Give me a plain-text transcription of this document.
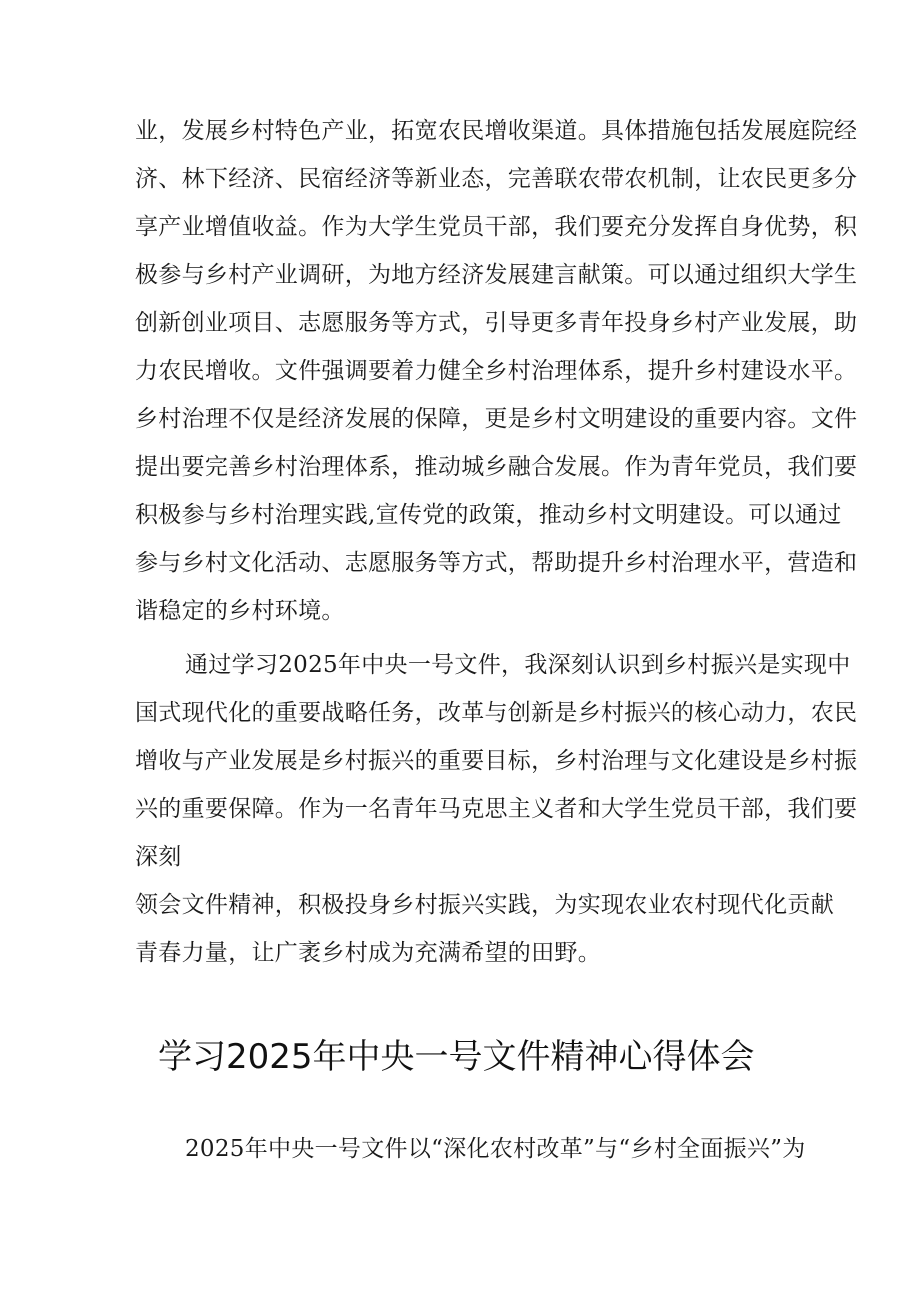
业，发展乡村特色产业，拓宽农民增收渠道。具体措施包括发展庭院经
济、林下经济、民宿经济等新业态，完善联农带农机制，让农民更多分
享产业增值收益。作为大学生党员干部，我们要充分发挥自身优势，积
极参与乡村产业调研，为地方经济发展建言献策。可以通过组织大学生
创新创业项目、志愿服务等方式，引导更多青年投身乡村产业发展，助
力农民增收。文件强调要着力健全乡村治理体系，提升乡村建设水平。
乡村治理不仅是经济发展的保障，更是乡村文明建设的重要内容。文件
提出要完善乡村治理体系，推动城乡融合发展。作为青年党员，我们要
积极参与乡村治理实践,宣传党的政策，推动乡村文明建设。可以通过
参与乡村文化活动、志愿服务等方式，帮助提升乡村治理水平，营造和
谐稳定的乡村环境。
通过学习2025年中央一号文件，我深刻认识到乡村振兴是实现中
国式现代化的重要战略任务，改革与创新是乡村振兴的核心动力，农民
增收与产业发展是乡村振兴的重要目标，乡村治理与文化建设是乡村振
兴的重要保障。作为一名青年马克思主义者和大学生党员干部，我们要
深刻
领会文件精神，积极投身乡村振兴实践，为实现农业农村现代化贡献
青春力量，让广袤乡村成为充满希望的田野。
学习2025年中央一号文件精神心得体会
2025年中央一号文件以“深化农村改革”与“乡村全面振兴”为
